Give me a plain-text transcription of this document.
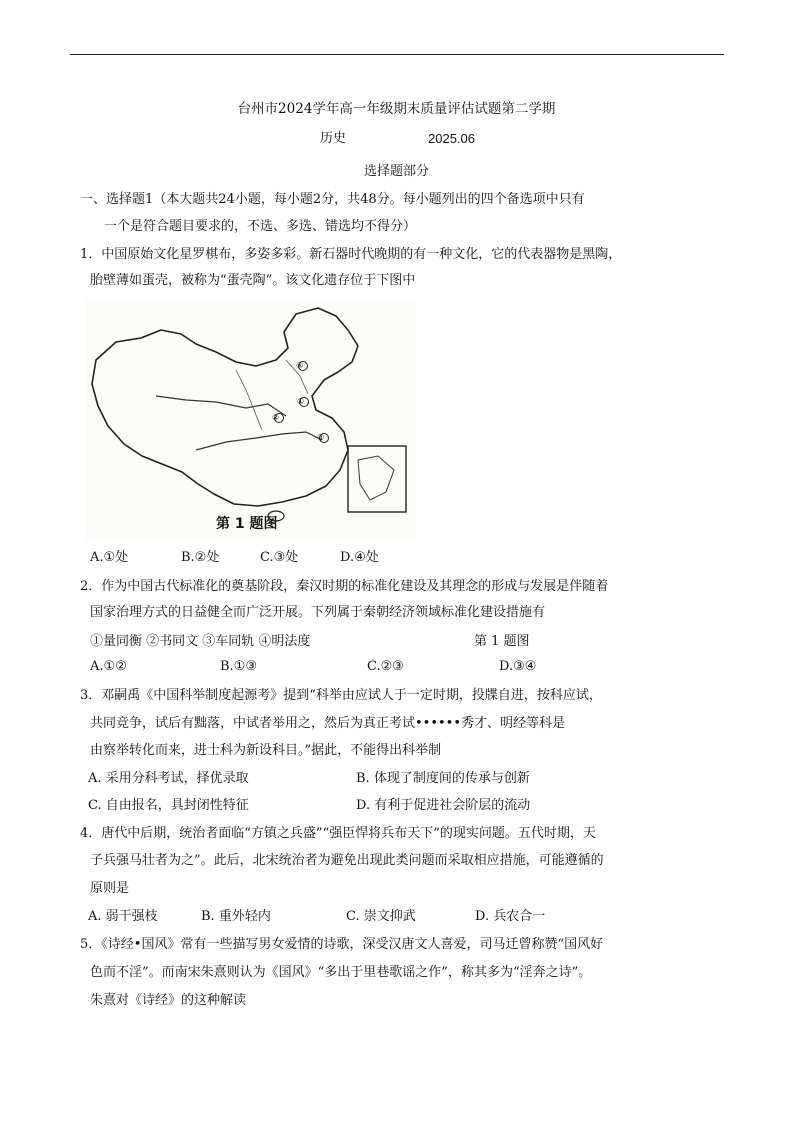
台州市2024学年高一年级期末质量评估试题第二学期
历史	2025.06
选择题部分
一、选择题1（本大题共24小题，每小题2分，共48分。每小题列出的四个备选项中只有
一个是符合题目要求的，不选、多选、错选均不得分）
1．中国原始文化星罗棋布，多姿多彩。新石器时代晚期的有一种文化，它的代表器物是黑陶，
胎壁薄如蛋壳，被称为“蛋壳陶”。该文化遗存位于下图中
④
②
①
③
第 1 题图
A.①处	B.②处	C.③处	D.④处
2．作为中国古代标准化的奠基阶段，秦汉时期的标准化建设及其理念的形成与发展是伴随着
国家治理方式的日益健全而广泛开展。下列属于秦朝经济领域标准化建设措施有
①量同衡 ②书同文 ③车同轨 ④明法度	第 1 题图
A.①②	B.①③	C.②③	D.③④
3．邓嗣禹《中国科举制度起源考》提到“科举由应试人于一定时期，投牒自进，按科应试，
共同竞争，试后有黜落，中试者举用之，然后为真正考试••••••秀才、明经等科是
由察举转化而来，进士科为新设科目。”据此，不能得出科举制
A. 采用分科考试，择优录取	B. 体现了制度间的传承与创新
C. 自由报名，具封闭性特征	D. 有利于促进社会阶层的流动
4．唐代中后期，统治者面临“方镇之兵盛”“强臣悍将兵布天下”的现实问题。五代时期，天
子兵强马壮者为之”。此后，北宋统治者为避免出现此类问题而采取相应措施，可能遵循的
原则是
A. 弱干强枝	B. 重外轻内	C. 崇文抑武	D. 兵农合一
5．《诗经•国风》常有一些描写男女爱情的诗歌，深受汉唐文人喜爱，司马迁曾称赞“国风好
色而不淫”。而南宋朱熹则认为《国风》“多出于里巷歌谣之作”，称其多为“淫奔之诗”。
朱熹对《诗经》的这种解读
